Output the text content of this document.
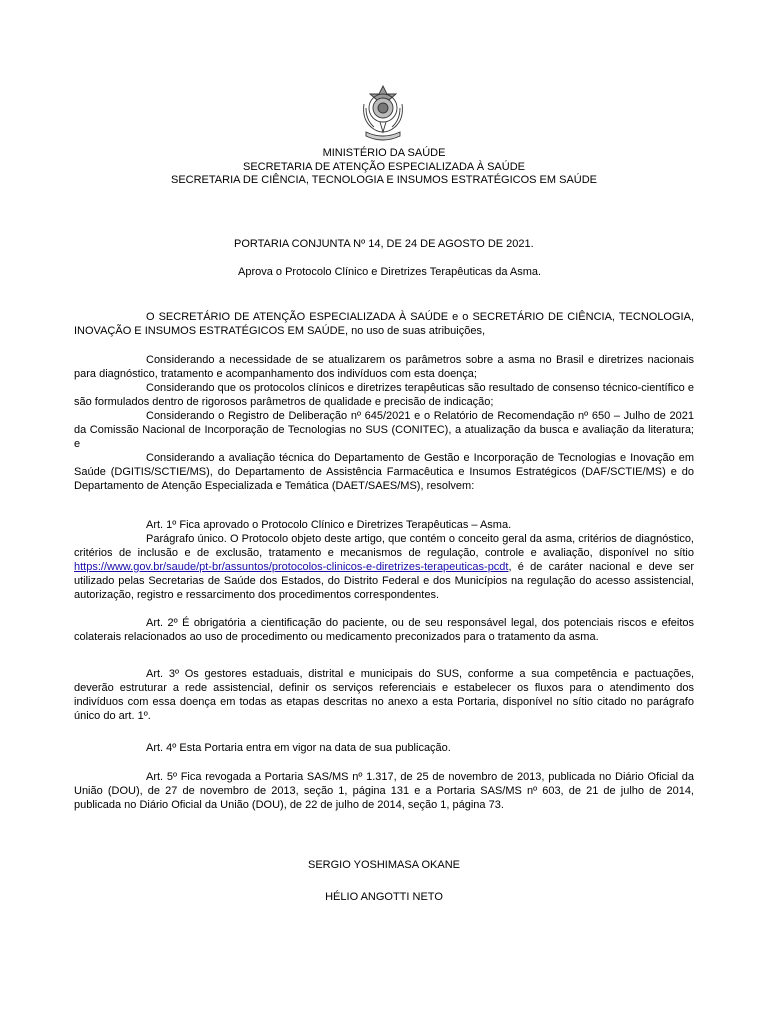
MINISTÉRIO DA SAÚDE
SECRETARIA DE ATENÇÃO ESPECIALIZADA À SAÚDE
SECRETARIA DE CIÊNCIA, TECNOLOGIA E INSUMOS ESTRATÉGICOS EM SAÚDE
PORTARIA CONJUNTA Nº 14, DE 24 DE AGOSTO DE 2021.
Aprova o Protocolo Clínico e Diretrizes Terapêuticas da Asma.

O SECRETÁRIO DE ATENÇÃO ESPECIALIZADA À SAÚDE e o SECRETÁRIO DE CIÊNCIA, TECNOLOGIA, INOVAÇÃO E INSUMOS ESTRATÉGICOS EM SAÚDE, no uso de suas atribuições,

Considerando a necessidade de se atualizarem os parâmetros sobre a asma no Brasil e diretrizes nacionais para diagnóstico, tratamento e acompanhamento dos indivíduos com esta doença;

Considerando que os protocolos clínicos e diretrizes terapêuticas são resultado de consenso técnico-científico e são formulados dentro de rigorosos parâmetros de qualidade e precisão de indicação;

Considerando o Registro de Deliberação nº 645/2021 e o Relatório de Recomendação nº 650 – Julho de 2021 da Comissão Nacional de Incorporação de Tecnologias no SUS (CONITEC), a atualização da busca e avaliação da literatura; e

Considerando a avaliação técnica do Departamento de Gestão e Incorporação de Tecnologias e Inovação em Saúde (DGITIS/SCTIE/MS), do Departamento de Assistência Farmacêutica e Insumos Estratégicos (DAF/SCTIE/MS) e do Departamento de Atenção Especializada e Temática (DAET/SAES/MS), resolvem:

Art. 1º Fica aprovado o Protocolo Clínico e Diretrizes Terapêuticas – Asma.

Parágrafo único. O Protocolo objeto deste artigo, que contém o conceito geral da asma, critérios de diagnóstico, critérios de inclusão e de exclusão, tratamento e mecanismos de regulação, controle e avaliação, disponível no sítio https://www.gov.br/saude/pt-br/assuntos/protocolos-clinicos-e-diretrizes-terapeuticas-pcdt, é de caráter nacional e deve ser utilizado pelas Secretarias de Saúde dos Estados, do Distrito Federal e dos Municípios na regulação do acesso assistencial, autorização, registro e ressarcimento dos procedimentos correspondentes.

Art. 2º É obrigatória a cientificação do paciente, ou de seu responsável legal, dos potenciais riscos e efeitos colaterais relacionados ao uso de procedimento ou medicamento preconizados para o tratamento da asma.

Art. 3º Os gestores estaduais, distrital e municipais do SUS, conforme a sua competência e pactuações, deverão estruturar a rede assistencial, definir os serviços referenciais e estabelecer os fluxos para o atendimento dos indivíduos com essa doença em todas as etapas descritas no anexo a esta Portaria, disponível no sítio citado no parágrafo único do art. 1º.

Art. 4º Esta Portaria entra em vigor na data de sua publicação.

Art. 5º Fica revogada a Portaria SAS/MS nº 1.317, de 25 de novembro de 2013, publicada no Diário Oficial da União (DOU), de 27 de novembro de 2013, seção 1, página 131 e a Portaria SAS/MS nº 603, de 21 de julho de 2014, publicada no Diário Oficial da União (DOU), de 22 de julho de 2014, seção 1, página 73.

SERGIO YOSHIMASA OKANE
HÉLIO ANGOTTI NETO
